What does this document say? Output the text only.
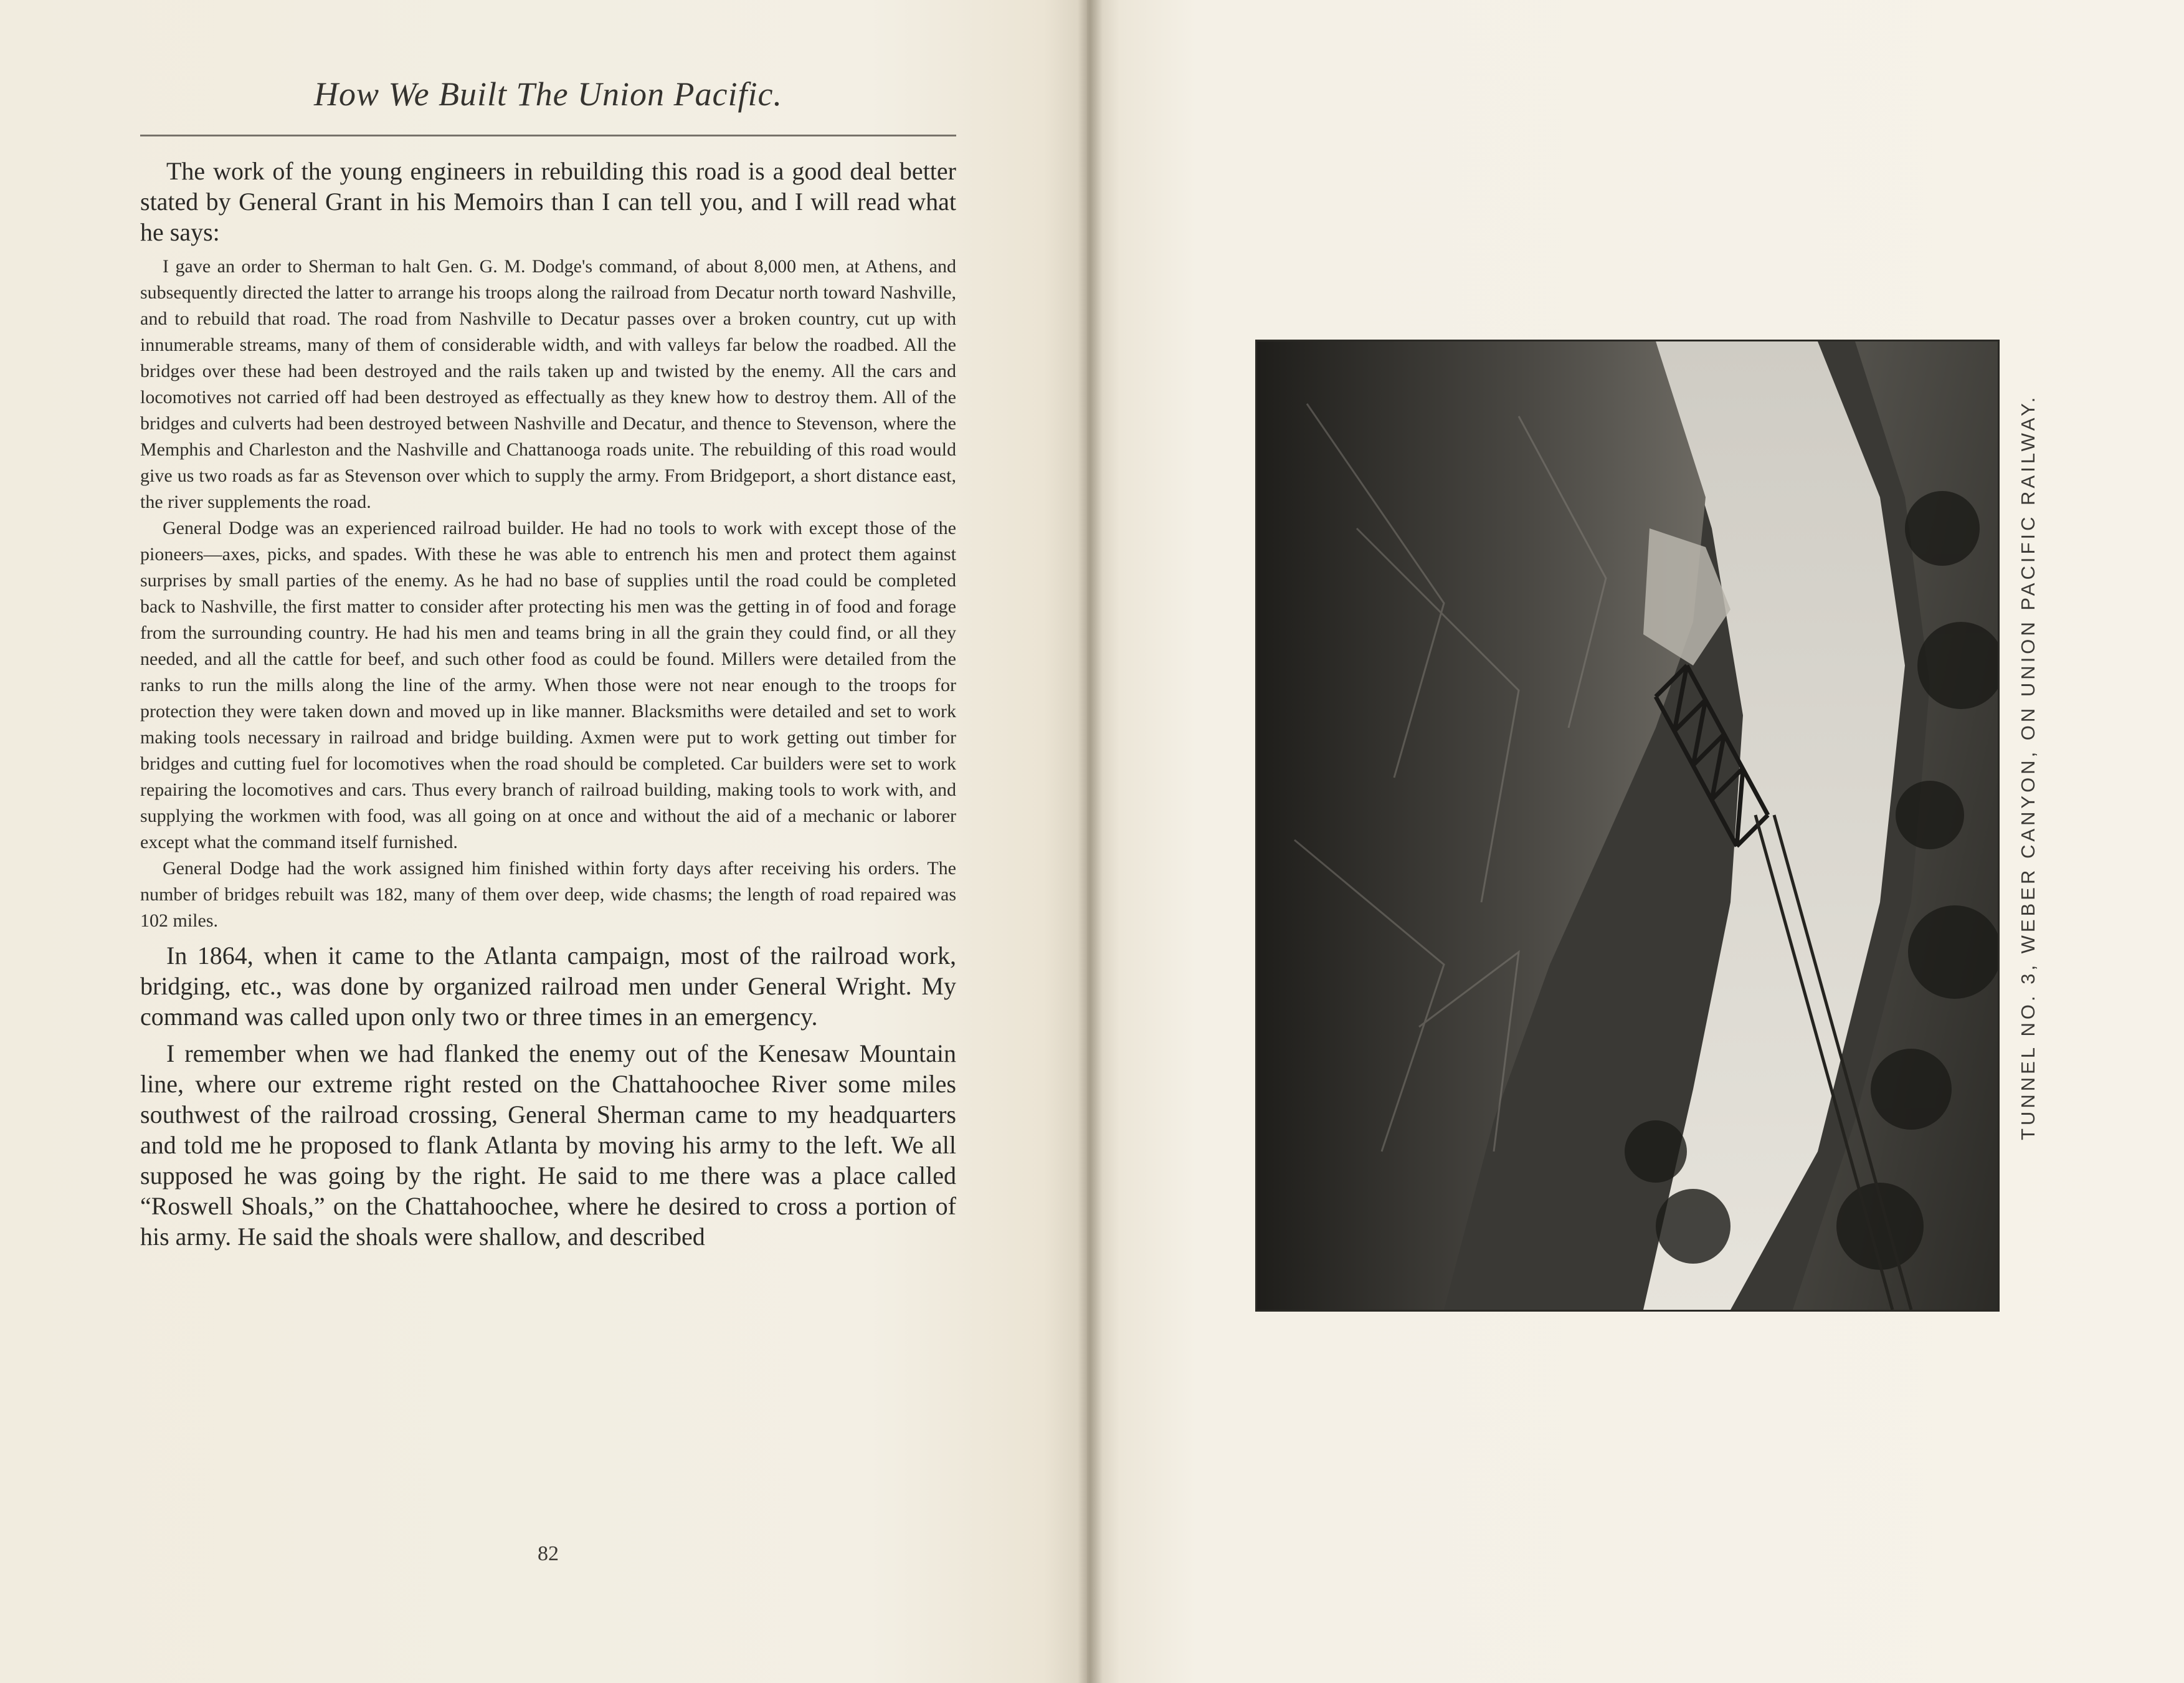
How We Built The Union Pacific.

The work of the young engineers in rebuilding this road is a good deal better stated by General Grant in his Memoirs than I can tell you, and I will read what he says:

I gave an order to Sherman to halt Gen. G. M. Dodge's command, of about 8,000 men, at Athens, and subsequently directed the latter to arrange his troops along the railroad from Decatur north toward Nashville, and to rebuild that road. The road from Nashville to Decatur passes over a broken country, cut up with innumerable streams, many of them of considerable width, and with valleys far below the roadbed. All the bridges over these had been destroyed and the rails taken up and twisted by the enemy. All the cars and locomotives not carried off had been destroyed as effectually as they knew how to destroy them. All of the bridges and culverts had been destroyed between Nashville and Decatur, and thence to Stevenson, where the Memphis and Charleston and the Nashville and Chattanooga roads unite. The rebuilding of this road would give us two roads as far as Stevenson over which to supply the army. From Bridgeport, a short distance east, the river supplements the road.

General Dodge was an experienced railroad builder. He had no tools to work with except those of the pioneers—axes, picks, and spades. With these he was able to entrench his men and protect them against surprises by small parties of the enemy. As he had no base of supplies until the road could be completed back to Nashville, the first matter to consider after protecting his men was the getting in of food and forage from the surrounding country. He had his men and teams bring in all the grain they could find, or all they needed, and all the cattle for beef, and such other food as could be found. Millers were detailed from the ranks to run the mills along the line of the army. When those were not near enough to the troops for protection they were taken down and moved up in like manner. Blacksmiths were detailed and set to work making tools necessary in railroad and bridge building. Axmen were put to work getting out timber for bridges and cutting fuel for locomotives when the road should be completed. Car builders were set to work repairing the locomotives and cars. Thus every branch of railroad building, making tools to work with, and supplying the workmen with food, was all going on at once and without the aid of a mechanic or laborer except what the command itself furnished.

General Dodge had the work assigned him finished within forty days after receiving his orders. The number of bridges rebuilt was 182, many of them over deep, wide chasms; the length of road repaired was 102 miles.

In 1864, when it came to the Atlanta campaign, most of the railroad work, bridging, etc., was done by organized railroad men under General Wright. My command was called upon only two or three times in an emergency.

I remember when we had flanked the enemy out of the Kenesaw Mountain line, where our extreme right rested on the Chattahoochee River some miles southwest of the railroad crossing, General Sherman came to my headquarters and told me he proposed to flank Atlanta by moving his army to the left. We all supposed he was going by the right. He said to me there was a place called “Roswell Shoals,” on the Chattahoochee, where he desired to cross a portion of his army. He said the shoals were shallow, and described

82
TUNNEL NO. 3, WEBER CANYON, ON UNION PACIFIC RAILWAY.
